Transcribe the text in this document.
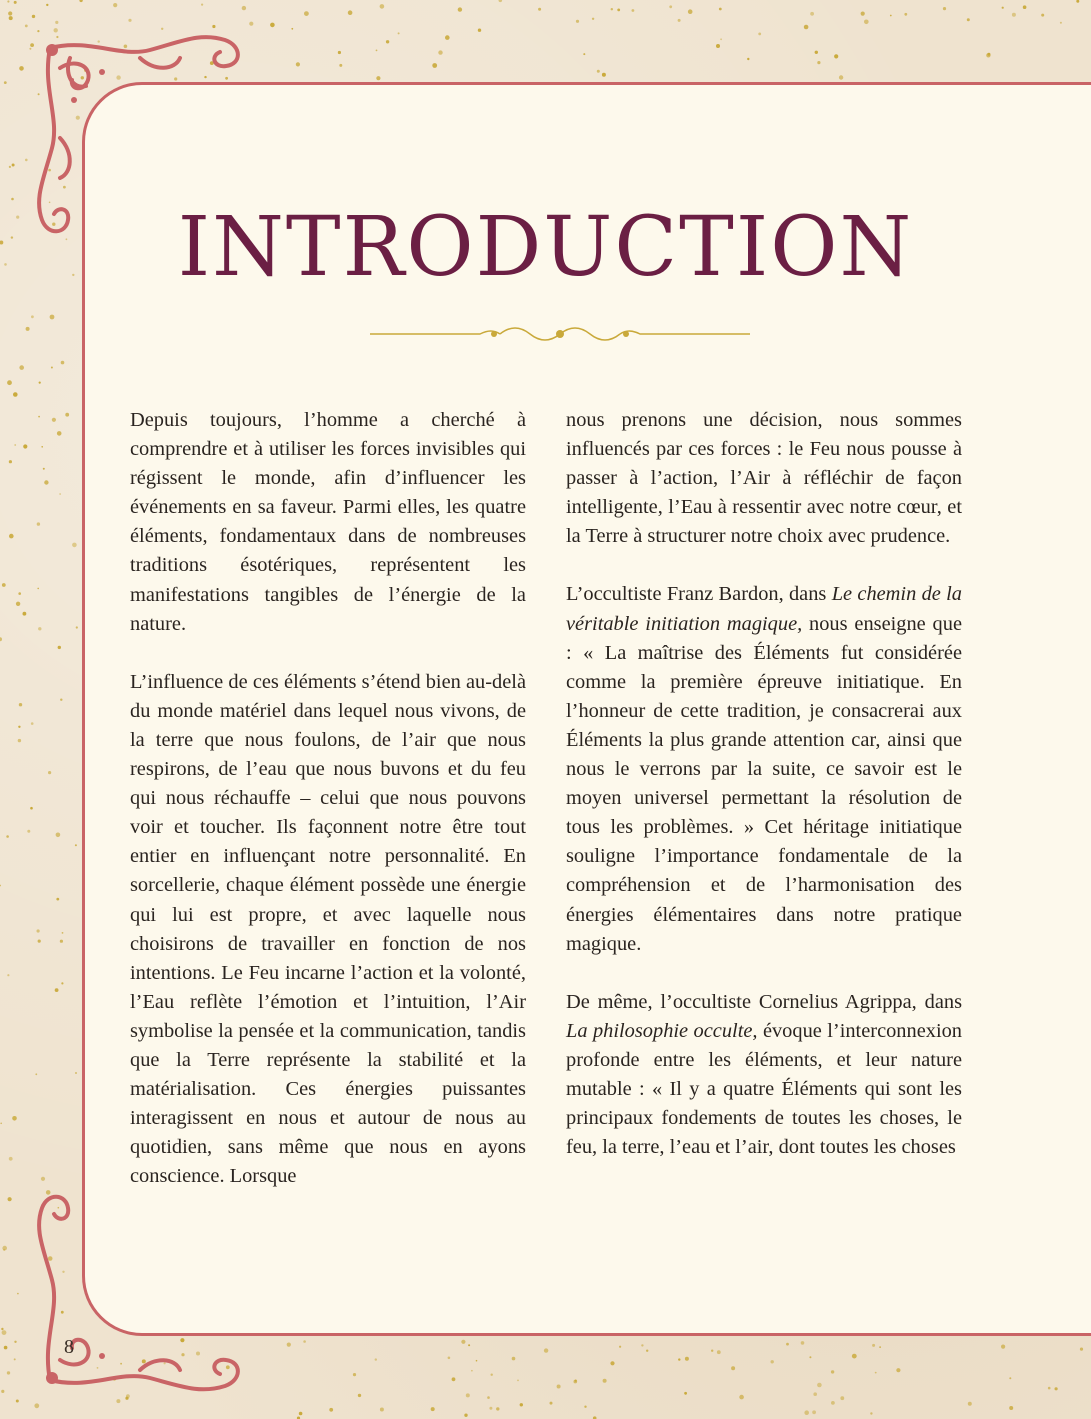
INTRODUCTION

Depuis toujours, l’homme a cherché à comprendre et à utiliser les forces invisibles qui régissent le monde, afin d’influencer les événements en sa faveur. Parmi elles, les quatre éléments, fondamentaux dans de nombreuses traditions ésotériques, représentent les manifestations tangibles de l’énergie de la nature.

L’influence de ces éléments s’étend bien au-delà du monde matériel dans lequel nous vivons, de la terre que nous foulons, de l’air que nous respirons, de l’eau que nous buvons et du feu qui nous réchauffe – celui que nous pouvons voir et toucher. Ils façonnent notre être tout entier en influençant notre personnalité. En sorcellerie, chaque élément possède une énergie qui lui est propre, et avec laquelle nous choisirons de travailler en fonction de nos intentions. Le Feu incarne l’action et la volonté, l’Eau reflète l’émotion et l’intuition, l’Air symbolise la pensée et la communication, tandis que la Terre représente la stabilité et la matérialisation. Ces énergies puissantes interagissent en nous et autour de nous au quotidien, sans même que nous en ayons conscience. Lorsque

nous prenons une décision, nous sommes influencés par ces forces : le Feu nous pousse à passer à l’action, l’Air à réfléchir de façon intelligente, l’Eau à ressentir avec notre cœur, et la Terre à structurer notre choix avec prudence.

L’occultiste Franz Bardon, dans Le chemin de la véritable initiation magique, nous enseigne que : « La maîtrise des Éléments fut considérée comme la première épreuve initiatique. En l’honneur de cette tradition, je consacrerai aux Éléments la plus grande attention car, ainsi que nous le verrons par la suite, ce savoir est le moyen universel permettant la résolution de tous les problèmes. » Cet héritage initiatique souligne l’importance fondamentale de la compréhension et de l’harmonisation des énergies élémentaires dans notre pratique magique.

De même, l’occultiste Cornelius Agrippa, dans La philosophie occulte, évoque l’interconnexion profonde entre les éléments, et leur nature mutable : « Il y a quatre Éléments qui sont les principaux fondements de toutes les choses, le feu, la terre, l’eau et l’air, dont toutes les choses

8
